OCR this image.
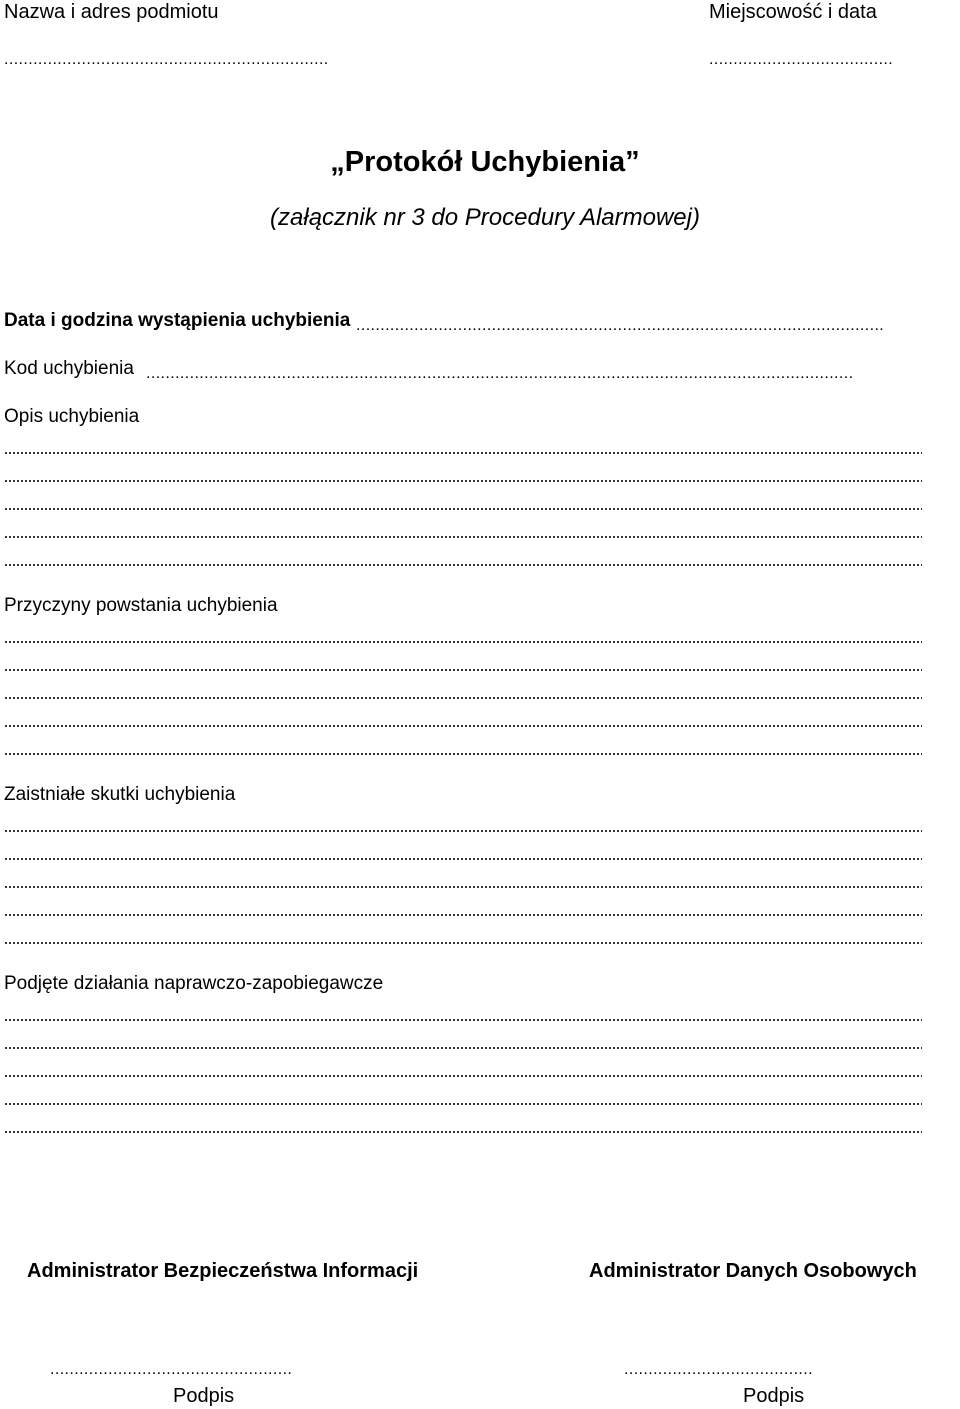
Nazwa i adres podmiotu
...................................................................
Miejscowość i data
......................................
„Protokół Uchybienia”
(załącznik nr 3 do Procedury Alarmowej)
Data i godzina wystąpienia uchybienia .............................................................................................................
Kod uchybienia ..................................................................................................................................................
Opis uchybienia
Przyczyny powstania uchybienia
Zaistniałe skutki uchybienia
Podjęte działania naprawczo-zapobiegawcze
Administrator Bezpieczeństwa Informacji	Administrator Danych Osobowych
..................................................	.......................................
Podpis	Podpis
